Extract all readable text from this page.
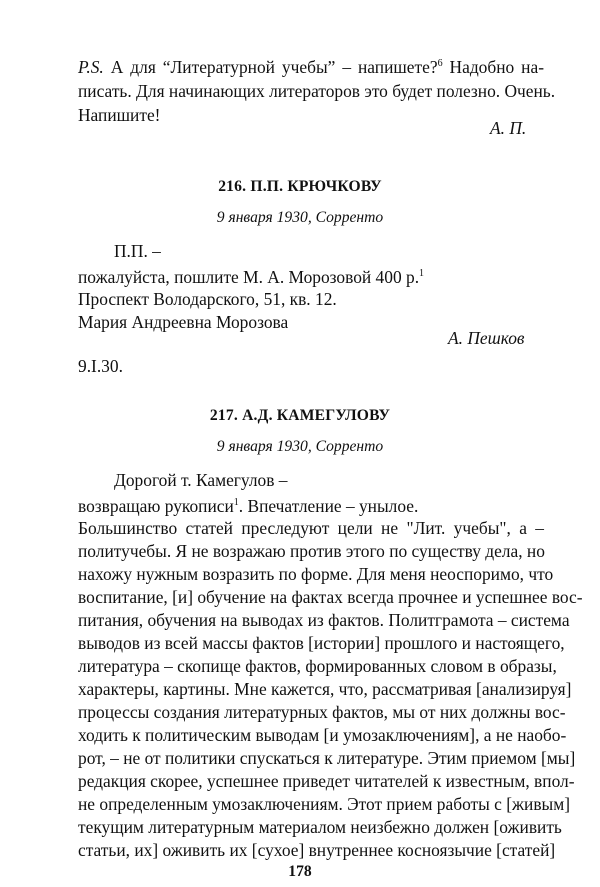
P.S. А для “Литературной учебы” – напишете?$^6$ Надобно на-
писать. Для начинающих литераторов это будет полезно. Очень.
Напишите!
А. П.
216. П.П. КРЮЧКОВУ
9 января 1930, Сорренто
П.П. –
пожалуйста, пошлите М. А. Морозовой 400 р.$^1$
Проспект Володарского, 51, кв. 12.
Мария Андреевна Морозова
А. Пешков
9.I.30.
217. А.Д. КАМЕГУЛОВУ
9 января 1930, Сорренто
Дорогой т. Камегулов –
возвращаю рукописи$^1$. Впечатление – унылое.
Большинство статей преследуют цели не "Лит. учебы", а –
политучебы. Я не возражаю против этого по существу дела, но
нахожу нужным возразить по форме. Для меня неоспоримо, что
воспитание, [и] обучение на фактах всегда прочнее и успешнее вос-
питания, обучения на выводах из фактов. Политграмота – система
выводов из всей массы фактов [истории] прошлого и настоящего,
литература – скопище фактов, формированных словом в образы,
характеры, картины. Мне кажется, что, рассматривая [анализируя]
процессы создания литературных фактов, мы от них должны вос-
ходить к политическим выводам [и умозаключениям], а не наобо-
рот, – не от политики спускаться к литературе. Этим приемом [мы]
редакция скорее, успешнее приведет читателей к известным, впол-
не определенным умозаключениям. Этот прием работы с [живым]
текущим литературным материалом неизбежно должен [оживить
статьи, их] оживить их [сухое] внутреннее косноязычие [статей]
178
